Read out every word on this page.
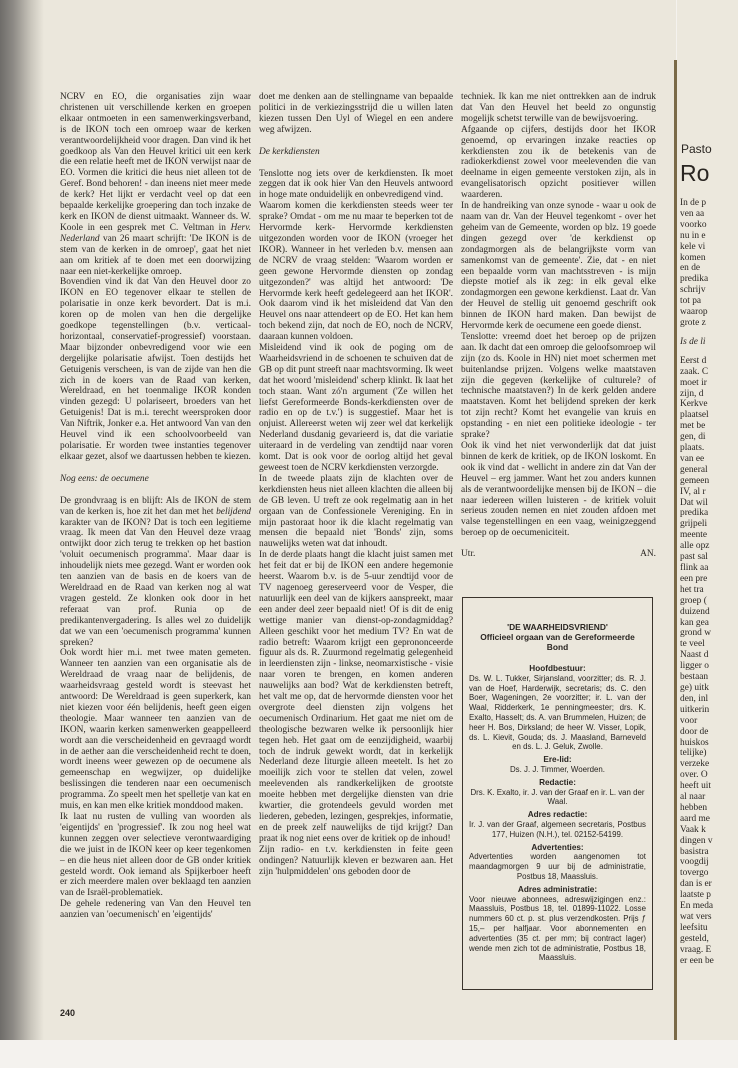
NCRV en EO, die organisaties zijn waar christenen uit verschillende kerken en groepen elkaar ontmoeten in een samenwerkingsverband, is de IKON toch een omroep waar de kerken verantwoordelijkheid voor dragen. Dan vind ik het goedkoop als Van den Heuvel kritici uit een kerk die een relatie heeft met de IKON verwijst naar de EO. Vormen die kritici die heus niet alleen tot de Geref. Bond behoren! - dan ineens niet meer mede de kerk? Het lijkt er verdacht veel op dat een bepaalde kerkelijke groepering dan toch inzake de kerk en IKON de dienst uitmaakt. Wanneer ds. W. Koole in een gesprek met C. Veltman in Herv. Nederland van 26 maart schrijft: 'De IKON is de stem van de kerken in de omroep', gaat het niet aan om kritiek af te doen met een doorwijzing naar een niet-kerkelijke omroep.

Bovendien vind ik dat Van den Heuvel door zo IKON en EO tegenover elkaar te stellen de polarisatie in onze kerk bevordert. Dat is m.i. koren op de molen van hen die dergelijke goedkope tegenstellingen (b.v. verticaal-horizontaal, conservatief-progressief) voorstaan. Maar bijzonder onbevredigend voor wie een dergelijke polarisatie afwijst. Toen destijds het Getuigenis verscheen, is van de zijde van hen die zich in de koers van de Raad van kerken, Wereldraad, en het toenmalige IKOR konden vinden gezegd: U polariseert, broeders van het Getuigenis! Dat is m.i. terecht weersproken door Van Niftrik, Jonker e.a. Het antwoord Van van den Heuvel vind ik een schoolvoorbeeld van polarisatie. Er worden twee instanties tegenover elkaar gezet, alsof we daartussen hebben te kiezen.

Nog eens: de oecumene

De grondvraag is en blijft: Als de IKON de stem van de kerken is, hoe zit het dan met het belijdend karakter van de IKON? Dat is toch een legitieme vraag. Ik meen dat Van den Heuvel deze vraag ontwijkt door zich terug te trekken op het bastion 'voluit oecumenisch programma'. Maar daar is inhoudelijk niets mee gezegd. Want er worden ook ten aanzien van de basis en de koers van de Wereldraad en de Raad van kerken nog al wat vragen gesteld. Ze klonken ook door in het referaat van prof. Runia op de predikantenvergadering. Is alles wel zo duidelijk dat we van een 'oecumenisch programma' kunnen spreken?

Ook wordt hier m.i. met twee maten gemeten. Wanneer ten aanzien van een organisatie als de Wereldraad de vraag naar de belijdenis, de waarheidsvraag gesteld wordt is steevast het antwoord: De Wereldraad is geen superkerk, kan niet kiezen voor één belijdenis, heeft geen eigen theologie. Maar wanneer ten aanzien van de IKON, waarin kerken samenwerken geappelleerd wordt aan die verscheidenheid en gevraagd wordt in de aether aan die verscheidenheid recht te doen, wordt ineens weer gewezen op de oecumene als gemeenschap en wegwijzer, op duidelijke beslissingen die tenderen naar een oecumenisch programma. Zo speelt men het spelletje van kat en muis, en kan men elke kritiek monddood maken.

Ik laat nu rusten de vulling van woorden als 'eigentijds' en 'progressief'. Ik zou nog heel wat kunnen zeggen over selectieve verontwaardiging die we juist in de IKON keer op keer tegenkomen – en die heus niet alleen door de GB onder kritiek gesteld wordt. Ook iemand als Spijkerboer heeft er zich meerdere malen over beklaagd ten aanzien van de Israël-problematiek.

De gehele redenering van Van den Heuvel ten aanzien van 'oecumenisch' en 'eigentijds'

doet me denken aan de stellingname van bepaalde politici in de verkiezingsstrijd die u willen laten kiezen tussen Den Uyl of Wiegel en een andere weg afwijzen.

De kerkdiensten

Tenslotte nog iets over de kerkdiensten. Ik moet zeggen dat ik ook hier Van den Heuvels antwoord in hoge mate onduidelijk en onbevredigend vind.

Waarom komen die kerkdiensten steeds weer ter sprake? Omdat - om me nu maar te beperken tot de Hervormde kerk- Hervormde kerkdiensten uitgezonden worden voor de IKON (vroeger het IKOR). Wanneer in het verleden b.v. mensen aan de NCRV de vraag stelden: 'Waarom worden er geen gewone Hervormde diensten op zondag uitgezonden?' was altijd het antwoord: 'De Hervormde kerk heeft gedelegeerd aan het IKOR'. Ook daarom vind ik het misleidend dat Van den Heuvel ons naar attendeert op de EO. Het kan hem toch bekend zijn, dat noch de EO, noch de NCRV, daaraan kunnen voldoen.

Misleidend vind ik ook de poging om de Waarheidsvriend in de schoenen te schuiven dat de GB op dit punt streeft naar machtsvorming. Ik weet dat het woord 'misleidend' scherp klinkt. Ik laat het toch staan. Want zó'n argument ('Ze willen het liefst Gereformeerde Bonds-kerkdiensten over de radio en op de t.v.') is suggestief. Maar het is onjuist. Allereerst weten wij zeer wel dat kerkelijk Nederland dusdanig gevarieerd is, dat die variatie uiteraard in de verdeling van zendtijd naar voren komt. Dat is ook voor de oorlog altijd het geval geweest toen de NCRV kerkdiensten verzorgde.

In de tweede plaats zijn de klachten over de kerkdiensten heus niet alleen klachten die alleen bij de GB leven. U treft ze ook regelmatig aan in het orgaan van de Confessionele Vereniging. En in mijn pastoraat hoor ik die klacht regelmatig van mensen die bepaald niet 'Bonds' zijn, soms nauwelijks weten wat dat inhoudt.

In de derde plaats hangt die klacht juist samen met het feit dat er bij de IKON een andere hegemonie heerst. Waarom b.v. is de 5-uur zendtijd voor de TV nagenoeg gereserveerd voor de Vesper, die natuurlijk een deel van de kijkers aanspreekt, maar een ander deel zeer bepaald niet! Of is dit de enig wettige manier van dienst-op-zondagmiddag? Alleen geschikt voor het medium TV? En wat de radio betreft: Waarom krijgt een geprononceerde figuur als ds. R. Zuurmond regelmatig gelegenheid in leerdiensten zijn - linkse, neomarxistische - visie naar voren te brengen, en komen anderen nauwelijks aan bod? Wat de kerkdiensten betreft, het valt me op, dat de hervormde diensten voor het overgrote deel diensten zijn volgens het oecumenisch Ordinarium. Het gaat me niet om de theologische bezwaren welke ik persoonlijk hier tegen heb. Het gaat om de eenzijdigheid, waarbij toch de indruk gewekt wordt, dat in kerkelijk Nederland deze liturgie alleen meetelt. Is het zo moeilijk zich voor te stellen dat velen, zowel meelevenden als randkerkelijken de grootste moeite hebben met dergelijke diensten van drie kwartier, die grotendeels gevuld worden met liederen, gebeden, lezingen, gesprekjes, informatie, en de preek zelf nauwelijks de tijd krijgt? Dan praat ik nog niet eens over de kritiek op de inhoud!

Zijn radio- en t.v. kerkdiensten in feite geen ondingen? Natuurlijk kleven er bezwaren aan. Het zijn 'hulpmiddelen' ons geboden door de

techniek. Ik kan me niet onttrekken aan de indruk dat Van den Heuvel het beeld zo ongunstig mogelijk schetst terwille van de bewijsvoering.

Afgaande op cijfers, destijds door het IKOR genoemd, op ervaringen inzake reacties op kerkdiensten zou ik de betekenis van de radiokerkdienst zowel voor meelevenden die van deelname in eigen gemeente verstoken zijn, als in evangelisatorisch opzicht positiever willen waarderen.

In de handreiking van onze synode - waar u ook de naam van dr. Van der Heuvel tegenkomt - over het geheim van de Gemeente, worden op blz. 19 goede dingen gezegd over 'de kerkdienst op zondagmorgen als de belangrijkste vorm van samenkomst van de gemeente'. Zie, dat - en niet een bepaalde vorm van machtsstreven - is mijn diepste motief als ik zeg: in elk geval elke zondagmorgen een gewone kerkdienst. Laat dr. Van der Heuvel de stellig uit genoemd geschrift ook binnen de IKON hard maken. Dan bewijst de Hervormde kerk de oecumene een goede dienst.

Tenslotte: vreemd doet het beroep op de prijzen aan. Ik dacht dat een omroep die geloofsomroep wil zijn (zo ds. Koole in HN) niet moet schermen met buitenlandse prijzen. Volgens welke maatstaven zijn die gegeven (kerkelijke of culturele? of technische maatstaven?) In de kerk gelden andere maatstaven. Komt het belijdend spreken der kerk tot zijn recht? Komt het evangelie van kruis en opstanding - en niet een politieke ideologie - ter sprake?

Ook ik vind het niet verwonderlijk dat dat juist binnen de kerk de kritiek, op de IKON loskomt. En ook ik vind dat - wellicht in andere zin dat Van der Heuvel – erg jammer. Want het zou anders kunnen als de verantwoordelijke mensen bij de IKON – die naar iedereen willen luisteren - de kritiek voluit serieus zouden nemen en niet zouden afdoen met valse tegenstellingen en een vaag, weinigzeggend beroep op de oecumeniciteit.

Utr.	AN.

'DE WAARHEIDSVRIEND'
Officieel orgaan van de Gereformeerde Bond
Hoofdbestuur:
Ds. W. L. Tukker, Sirjansland, voorzitter; ds. R. J. van de Hoef, Harderwijk, secretaris; ds. C. den Boer, Wageningen, 2e voorzitter; ir. L. van der Waal, Ridderkerk, 1e penningmeester; drs. K. Exalto, Hasselt; ds. A. van Brummelen, Huizen; de heer H. Bos, Dirksland; de heer W. Visser, Lopik, ds. L. Kievit, Gouda; ds. J. Maasland, Barneveld en ds. L. J. Geluk, Zwolle.
Ere-lid:
Ds. J. J. Timmer, Woerden.
Redactie:
Drs. K. Exalto, ir. J. van der Graaf en ir. L. van der Waal.
Adres redactie:
Ir. J. van der Graaf, algemeen secretaris, Postbus 177, Huizen (N.H.), tel. 02152-54199.
Advertenties:
Advertenties worden aangenomen tot maandagmorgen 9 uur bij de administratie, Postbus 18, Maassluis.
Adres administratie:
Voor nieuwe abonnees, adreswijzigingen enz.: Maassluis, Postbus 18, tel. 01899-11022. Losse nummers 60 ct. p. st. plus verzendkosten. Prijs ƒ 15,– per halfjaar. Voor abonnementen en advertenties (35 ct. per mm; bij contract lager) wende men zich tot de administratie, Postbus 18, Maassluis.
240
Pasto
Ro
In de p
ven aa
voorko
nu in e
kele vi
komen
en de
predika
schrijv
tot pa
waarop
grote z
Is de li
Eerst d
zaak. C
moet ir
zijn, d
Kerkve
plaatsel
met be
gen, di
plaats.
van ee
general
gemeen
IV, al r
Dat wil
predika
grijpeli
meente
alle opz
past sal
flink aa
een pre
het tra
groep (
duizend
kan gea
grond w
te veel
Naast d
ligger o
bestaan
ge) uitk
den, inl
uitkerin
voor
door de
huiskos
telijke)
verzeke
over. O
heeft uit
al naar
hebben
aard me
Vaak k
dingen v
basistra
voogdij
tovergo
dan is er
laatste p
En meda
wat vers
leefsitu
gesteld,
vraag. E
er een be
